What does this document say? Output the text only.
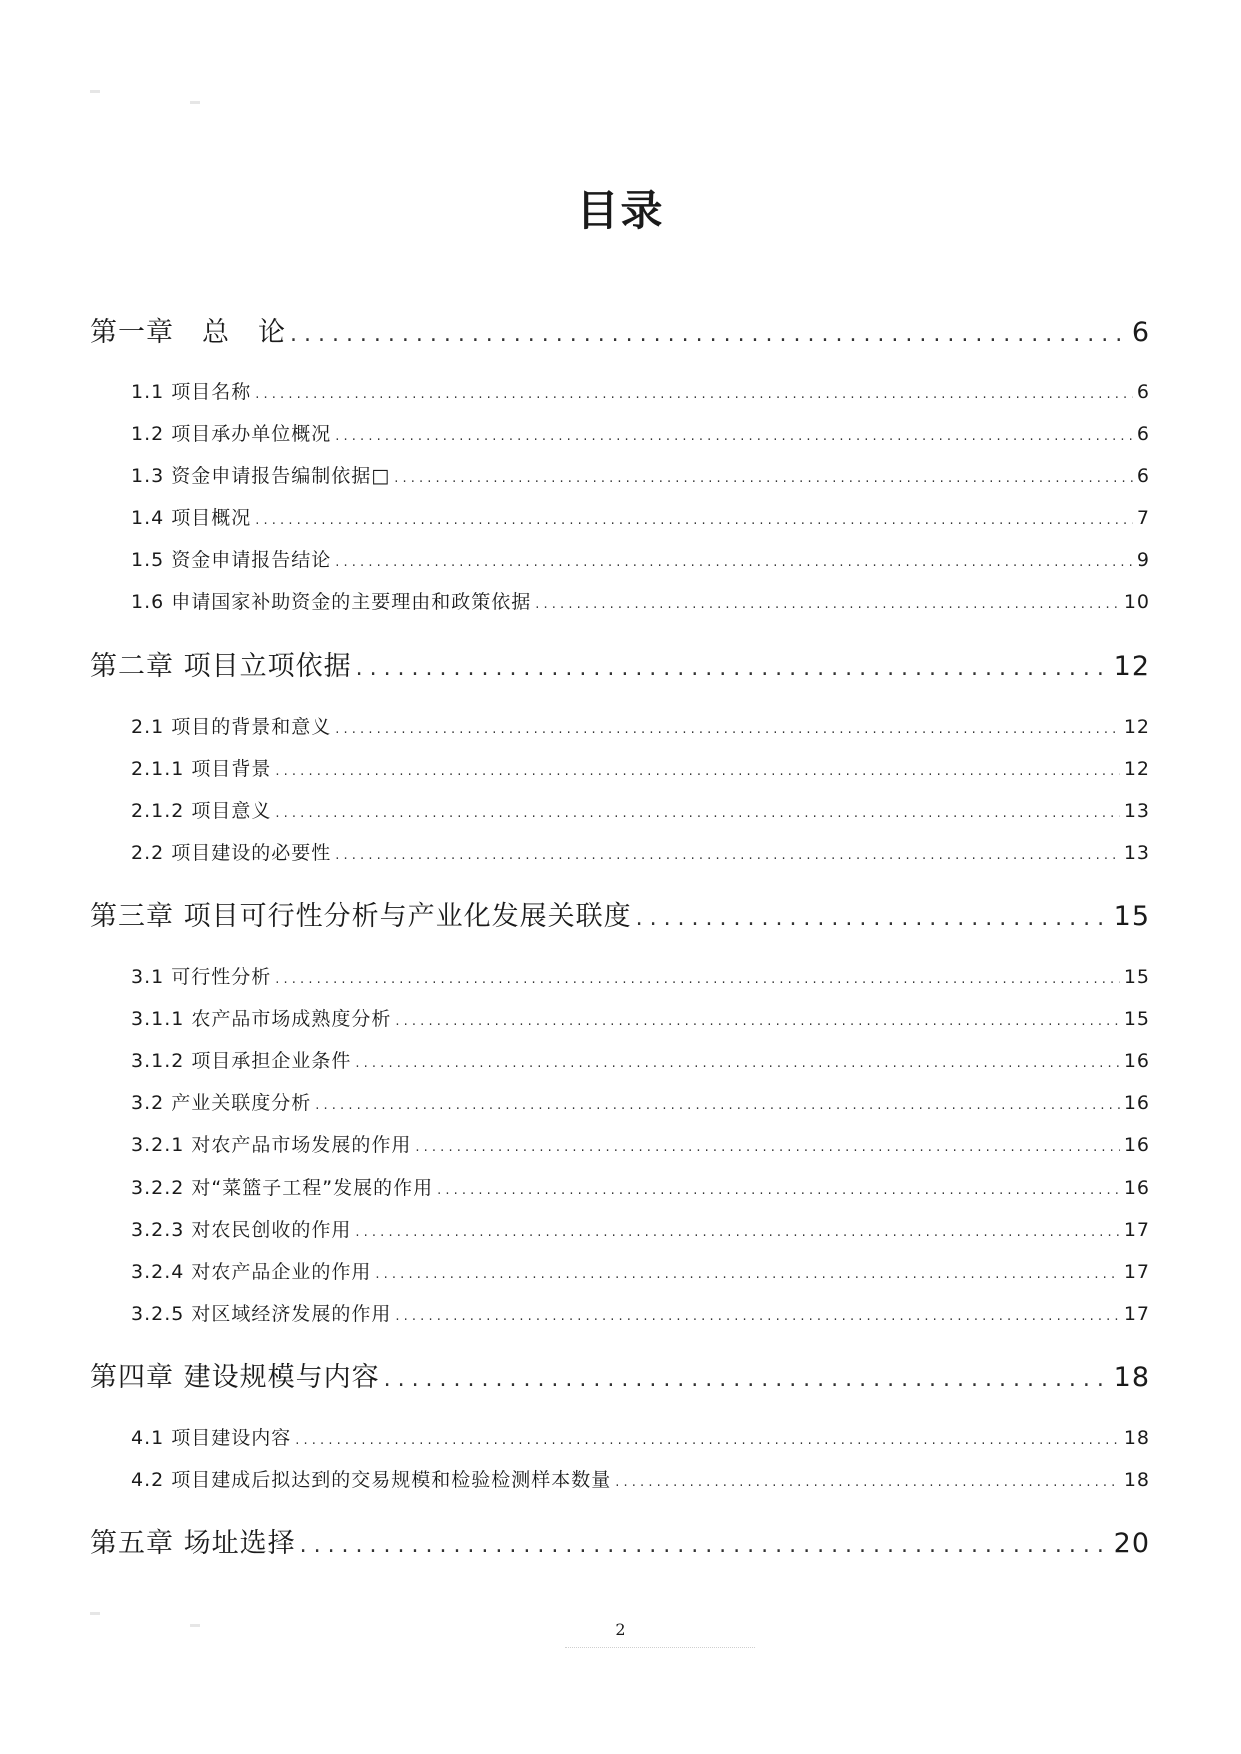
目录
第一章　总　论 . . .	6
1.1 项目名称 . . .	6
1.2 项目承办单位概况 . . .	6
1.3 资金申请报告编制依据□ . . .	6
1.4 项目概况 . . .	7
1.5 资金申请报告结论 . . .	9
1.6 申请国家补助资金的主要理由和政策依据 . . .	10
第二章 项目立项依据 . . .	12
2.1 项目的背景和意义 . . .	12
2.1.1 项目背景 . . .	12
2.1.2 项目意义 . . .	13
2.2 项目建设的必要性 . . .	13
第三章 项目可行性分析与产业化发展关联度 . . .	15
3.1 可行性分析 . . .	15
3.1.1 农产品市场成熟度分析 . . .	15
3.1.2 项目承担企业条件 . . .	16
3.2 产业关联度分析 . . .	16
3.2.1 对农产品市场发展的作用 . . .	16
3.2.2 对“菜篮子工程”发展的作用 . . .	16
3.2.3 对农民创收的作用 . . .	17
3.2.4 对农产品企业的作用 . . .	17
3.2.5 对区域经济发展的作用 . . .	17
第四章 建设规模与内容 . . .	18
4.1 项目建设内容 . . .	18
4.2 项目建成后拟达到的交易规模和检验检测样本数量 . . .	18
第五章 场址选择 . . .	20
2
